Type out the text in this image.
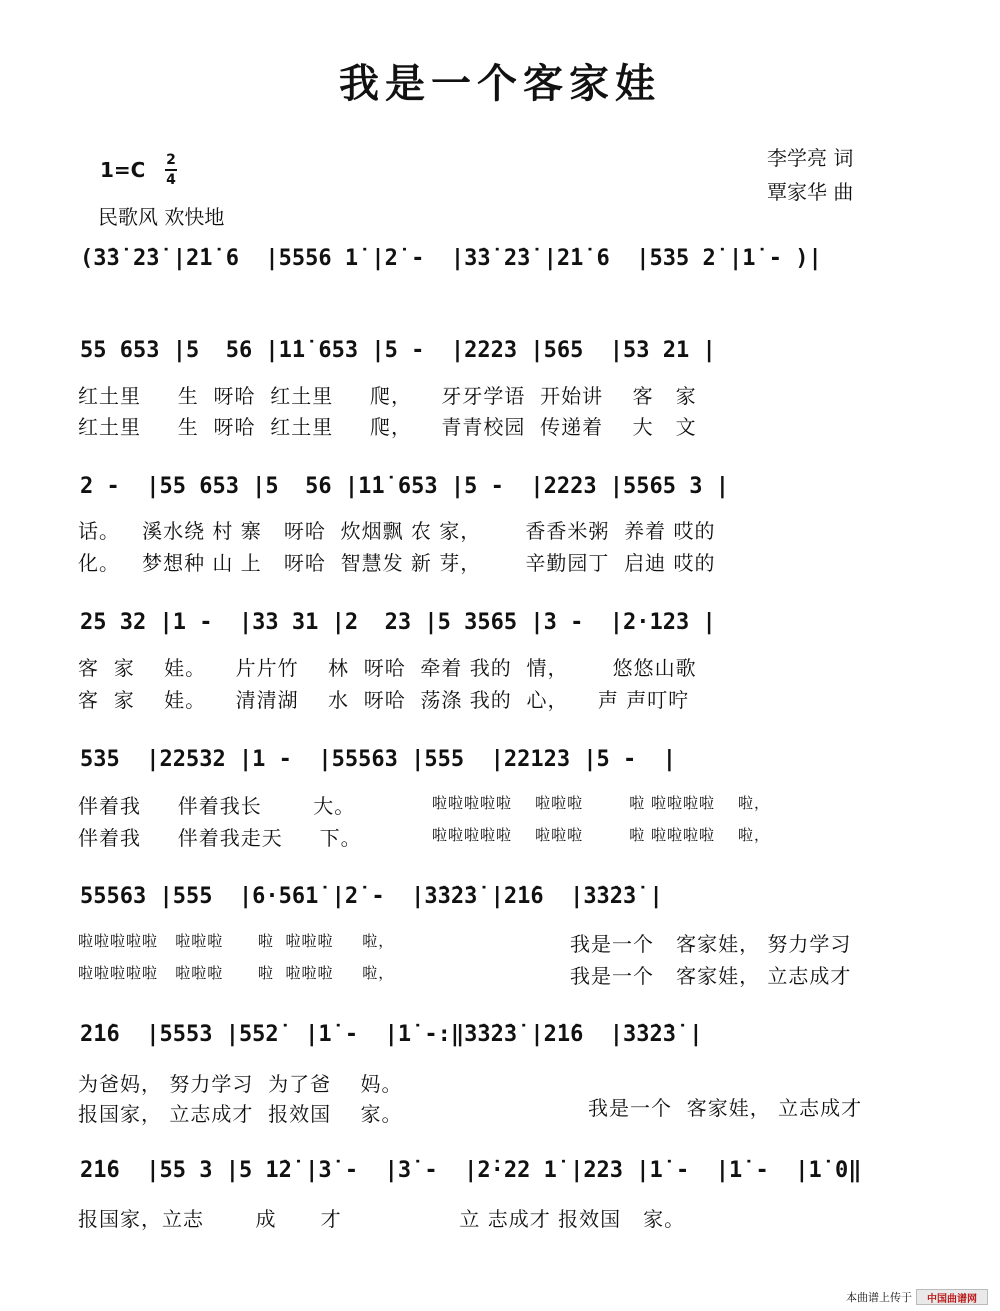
我是一个客家娃
1=C 2
4
民歌风 欢快地
李学亮 词
覃家华 曲
(3̇3̇ 2̇3̇ |2̇1̇ 6  |5556 1̇ |2̇ -  |3̇3̇ 2̇3̇ |2̇1̇ 6  |535 2̇ |1̇ - )|
55 653 |5  56 |1̇1̇ 653 |5 -  |2223 |565  |53 21 |
红土里     生  呀哈  红土里     爬，    牙牙学语  开始讲    客   家
红土里     生  呀哈  红土里     爬，    青青校园  传递着    大   文
2 -  |55 653 |5  56 |1̇1̇ 653 |5 -  |2223 |5565 3 |
话。   溪水绕 村 寨   呀哈  炊烟飘 农 家，      香香米粥  养着 哎的
化。   梦想种 山 上   呀哈  智慧发 新 芽，      辛勤园丁  启迪 哎的
25 32 |1 -  |33 31 |2  23 |5 3565 |3 -  |2·123 |
客  家    娃。    片片竹    林  呀哈  牵着 我的  情，      悠悠山歌
客  家    娃。    清清湖    水  呀哈  荡涤 我的  心，    声 声叮咛
535  |22532 |1 -  |55563 |555  |22123 |5 -  |
伴着我     伴着我长       大。
伴着我     伴着我走天     下。
啦啦啦啦啦    啦啦啦        啦 啦啦啦啦    啦，
啦啦啦啦啦    啦啦啦        啦 啦啦啦啦    啦，
55563 |555  |6·561̇ |2̇ -  |3̇3̇2̇3̇ |2̇1̇6  |3̇3̇2̇3̇ |
啦啦啦啦啦   啦啦啦      啦  啦啦啦     啦，
啦啦啦啦啦   啦啦啦      啦  啦啦啦     啦，
我是一个   客家娃， 努力学习
我是一个   客家娃， 立志成才
2̇1̇6  |5553 |552̇  |1̇ -  |1̇ -:‖3̇3̇2̇3̇ |2̇1̇6  |3̇3̇2̇3̇ |
为爸妈， 努力学习  为了爸    妈。
报国家， 立志成才  报效国    家。	我是一个  客家娃， 立志成才
2̇1̇6  |55 3 |5 1̇2̇ |3̇ -  |3̇ -  |2̇·22 1̇ |223 |1̇ -  |1̇ -  |1̇ 0‖
报国家，立志       成      才                立 志成才 报效国   家。
本曲谱上传于 中国曲谱网
